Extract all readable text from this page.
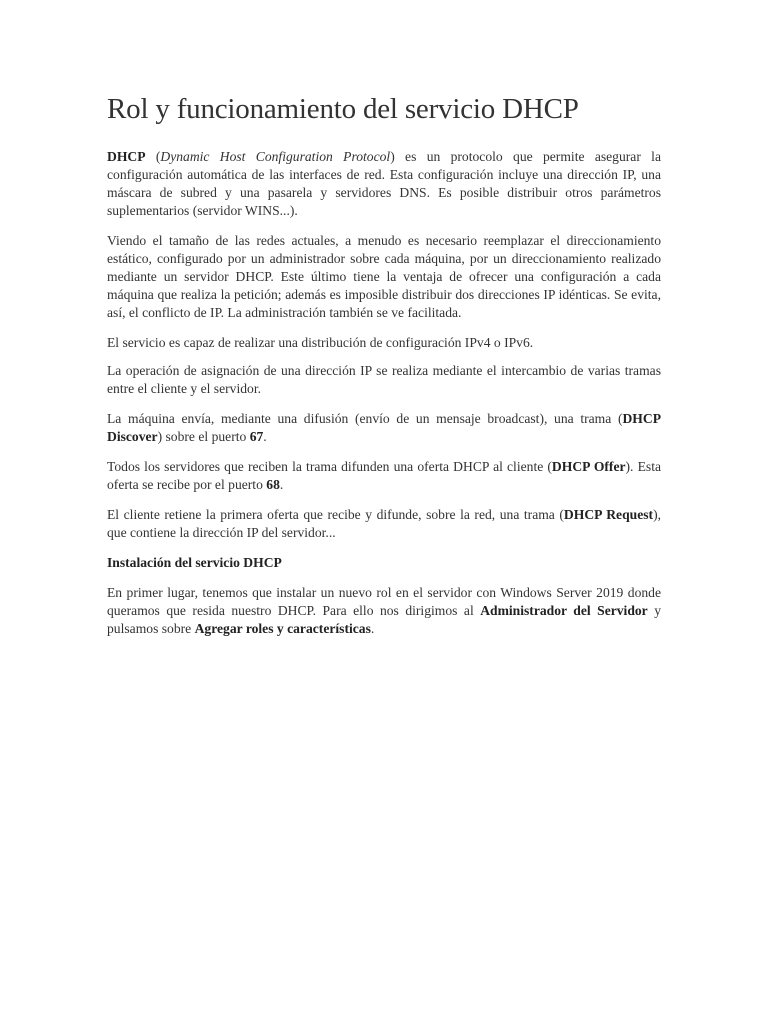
Rol y funcionamiento del servicio DHCP

DHCP (Dynamic Host Configuration Protocol) es un protocolo que permite asegurar la configuración automática de las interfaces de red. Esta configuración incluye una dirección IP, una máscara de subred y una pasarela y servidores DNS. Es posible distribuir otros parámetros suplementarios (servidor WINS...).

Viendo el tamaño de las redes actuales, a menudo es necesario reemplazar el direccionamiento estático, configurado por un administrador sobre cada máquina, por un direccionamiento realizado mediante un servidor DHCP. Este último tiene la ventaja de ofrecer una configuración a cada máquina que realiza la petición; además es imposible distribuir dos direcciones IP idénticas. Se evita, así, el conflicto de IP. La administración también se ve facilitada.

El servicio es capaz de realizar una distribución de configuración IPv4 o IPv6.

La operación de asignación de una dirección IP se realiza mediante el intercambio de varias tramas entre el cliente y el servidor.

La máquina envía, mediante una difusión (envío de un mensaje broadcast), una trama (DHCP Discover) sobre el puerto 67.

Todos los servidores que reciben la trama difunden una oferta DHCP al cliente (DHCP Offer). Esta oferta se recibe por el puerto 68.

El cliente retiene la primera oferta que recibe y difunde, sobre la red, una trama (DHCP Request), que contiene la dirección IP del servidor...

Instalación del servicio DHCP

En primer lugar, tenemos que instalar un nuevo rol en el servidor con Windows Server 2019 donde queramos que resida nuestro DHCP. Para ello nos dirigimos al Administrador del Servidor y pulsamos sobre Agregar roles y características.
